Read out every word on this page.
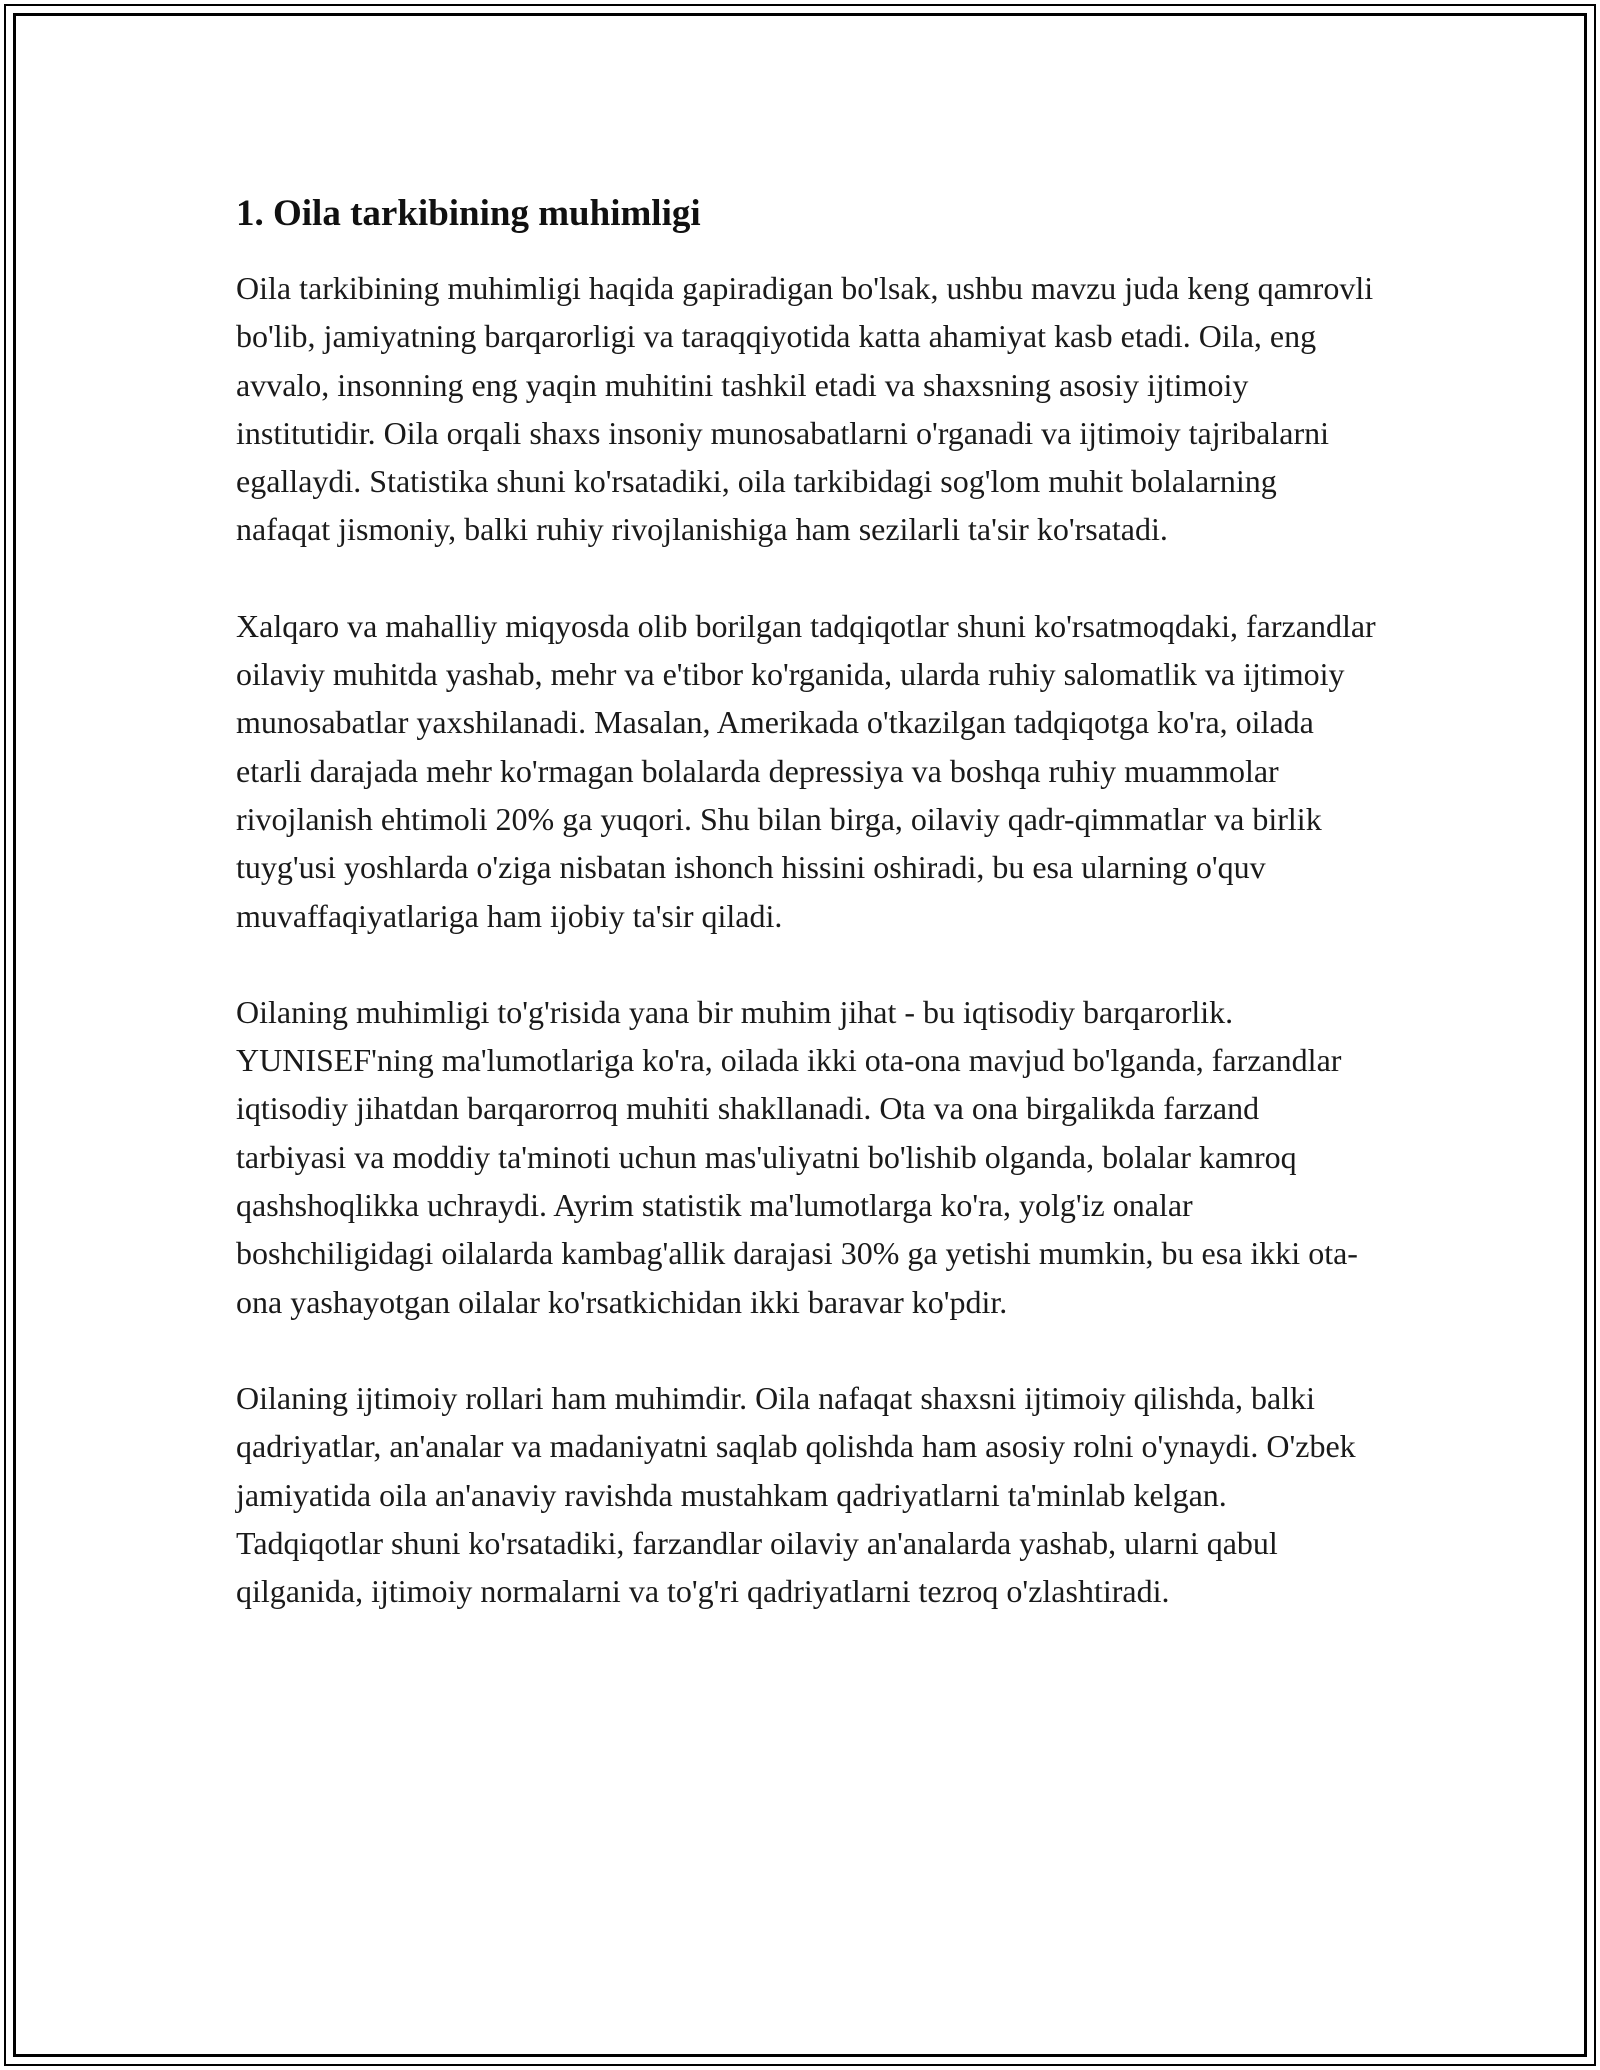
1. Oila tarkibining muhimligi

Oila tarkibining muhimligi haqida gapiradigan bo'lsak, ushbu mavzu juda keng qamrovli bo'lib, jamiyatning barqarorligi va taraqqiyotida katta ahamiyat kasb etadi. Oila, eng avvalo, insonning eng yaqin muhitini tashkil etadi va shaxsning asosiy ijtimoiy institutidir. Oila orqali shaxs insoniy munosabatlarni o'rganadi va ijtimoiy tajribalarni egallaydi. Statistika shuni ko'rsatadiki, oila tarkibidagi sog'lom muhit bolalarning nafaqat jismoniy, balki ruhiy rivojlanishiga ham sezilarli ta'sir ko'rsatadi.

Xalqaro va mahalliy miqyosda olib borilgan tadqiqotlar shuni ko'rsatmoqdaki, farzandlar oilaviy muhitda yashab, mehr va e'tibor ko'rganida, ularda ruhiy salomatlik va ijtimoiy munosabatlar yaxshilanadi. Masalan, Amerikada o'tkazilgan tadqiqotga ko'ra, oilada etarli darajada mehr ko'rmagan bolalarda depressiya va boshqa ruhiy muammolar rivojlanish ehtimoli 20% ga yuqori. Shu bilan birga, oilaviy qadr-qimmatlar va birlik tuyg'usi yoshlarda o'ziga nisbatan ishonch hissini oshiradi, bu esa ularning o'quv muvaffaqiyatlariga ham ijobiy ta'sir qiladi.

Oilaning muhimligi to'g'risida yana bir muhim jihat - bu iqtisodiy barqarorlik. YUNISEF'ning ma'lumotlariga ko'ra, oilada ikki ota-ona mavjud bo'lganda, farzandlar iqtisodiy jihatdan barqarorroq muhiti shakllanadi. Ota va ona birgalikda farzand tarbiyasi va moddiy ta'minoti uchun mas'uliyatni bo'lishib olganda, bolalar kamroq qashshoqlikka uchraydi. Ayrim statistik ma'lumotlarga ko'ra, yolg'iz onalar boshchiligidagi oilalarda kambag'allik darajasi 30% ga yetishi mumkin, bu esa ikki ota-ona yashayotgan oilalar ko'rsatkichidan ikki baravar ko'pdir.

Oilaning ijtimoiy rollari ham muhimdir. Oila nafaqat shaxsni ijtimoiy qilishda, balki qadriyatlar, an'analar va madaniyatni saqlab qolishda ham asosiy rolni o'ynaydi. O'zbek jamiyatida oila an'anaviy ravishda mustahkam qadriyatlarni ta'minlab kelgan. Tadqiqotlar shuni ko'rsatadiki, farzandlar oilaviy an'analarda yashab, ularni qabul qilganida, ijtimoiy normalarni va to'g'ri qadriyatlarni tezroq o'zlashtiradi.
